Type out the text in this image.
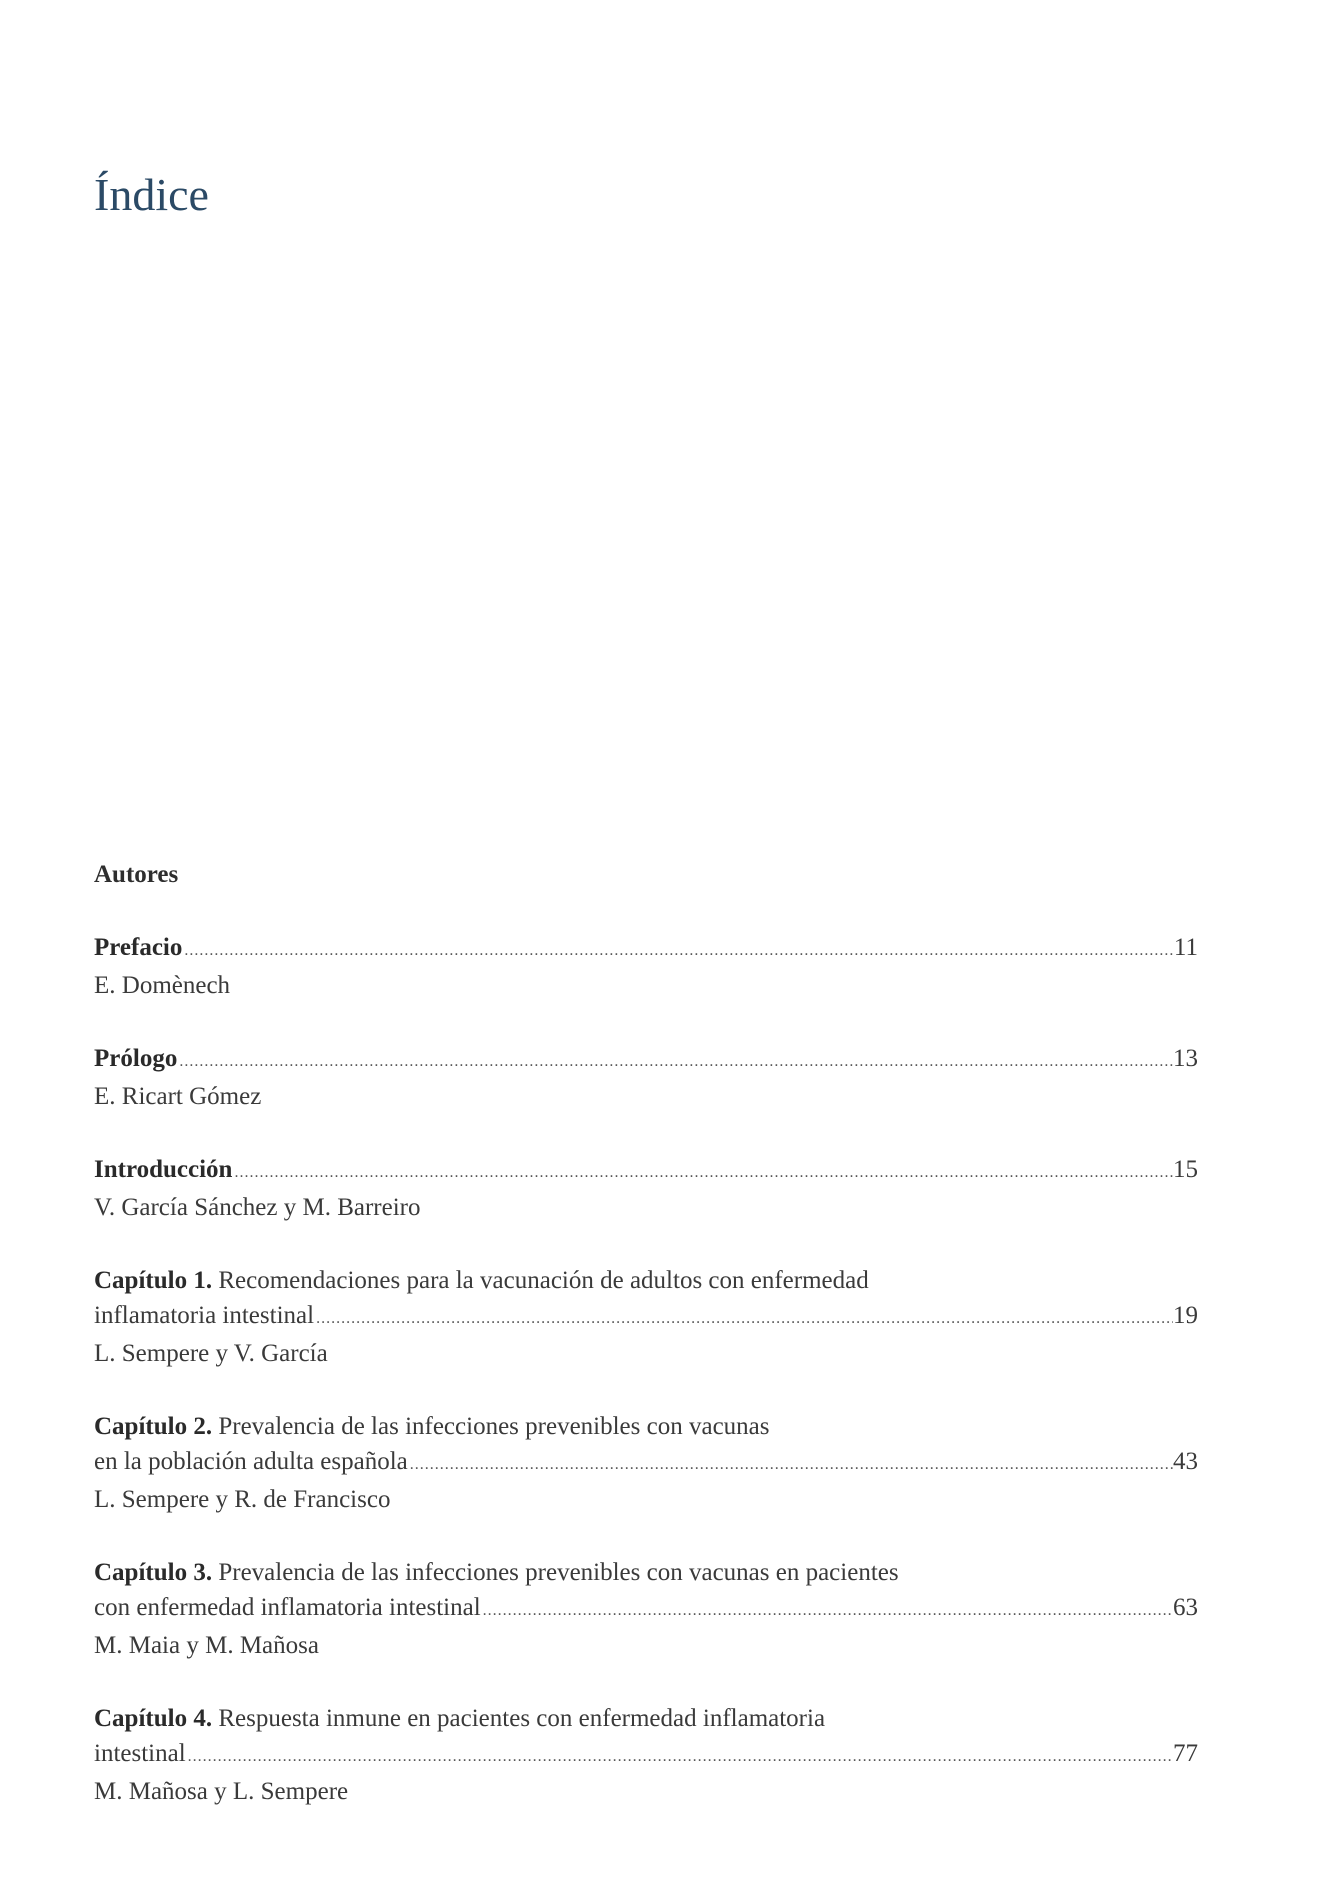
Índice
Autores
Prefacio .....	11
E. Domènech
Prólogo .....	13
E. Ricart Gómez
Introducción .....	15
V. García Sánchez y M. Barreiro
Capítulo 1. Recomendaciones para la vacunación de adultos con enfermedad
inflamatoria intestinal .....	19
L. Sempere y V. García
Capítulo 2. Prevalencia de las infecciones prevenibles con vacunas
en la población adulta española .....	43
L. Sempere y R. de Francisco
Capítulo 3. Prevalencia de las infecciones prevenibles con vacunas en pacientes
con enfermedad inflamatoria intestinal .....	63
M. Maia y M. Mañosa
Capítulo 4. Respuesta inmune en pacientes con enfermedad inflamatoria
intestinal .....	77
M. Mañosa y L. Sempere
